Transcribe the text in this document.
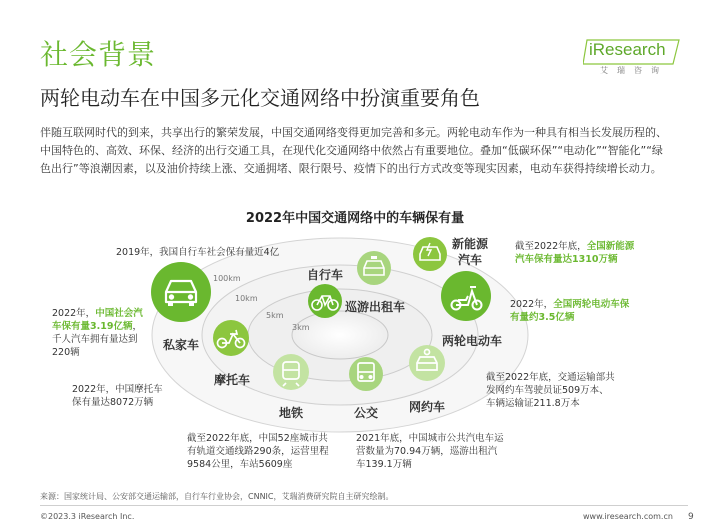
社会背景
两轮电动车在中国多元化交通网络中扮演重要角色
iResearch
艾瑞咨询
伴随互联网时代的到来，共享出行的繁荣发展，中国交通网络变得更加完善和多元。两轮电动车作为一种具有相当长发展历程的、中国特色的、高效、环保、经济的出行交通工具，在现代化交通网络中依然占有重要地位。叠加“低碳环保”“电动化”“智能化”“绿色出行”等浪潮因素，以及油价持续上涨、交通拥堵、限行限号、疫情下的出行方式改变等现实因素，电动车获得持续增长动力。
2022年中国交通网络中的车辆保有量
100km
10km
5km
3km
私家车
自行车
巡游出租车
新能源
汽车
两轮电动车
摩托车
地铁	公交	网约车
2019年，我国自行车社会保有量近4亿
2022年，中国社会汽车保有量3.19亿辆，千人汽车拥有量达到220辆
2022年，中国摩托车保有量达8072万辆
截至2022年底，中国52座城市共有轨道交通线路290条，运营里程9584公里，车站5609座
2021年底，中国城市公共汽电车运营数量为70.94万辆，巡游出租汽车139.1万辆
截至2022年底，交通运输部共发网约车驾驶员证509万本、车辆运输证211.8万本
2022年，全国两轮电动车保有量约3.5亿辆
截至2022年底，全国新能源汽车保有量达1310万辆
来源：国家统计局、公安部交通运输部，自行车行业协会，CNNIC，艾瑞消费研究院自主研究绘制。
©2023.3 iResearch Inc.	www.iresearch.com.cn 9
